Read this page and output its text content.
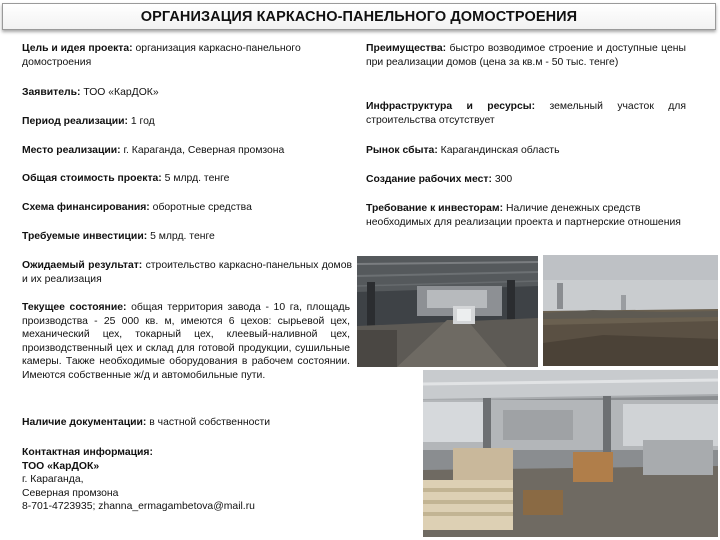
ОРГАНИЗАЦИЯ КАРКАСНО-ПАНЕЛЬНОГО ДОМОСТРОЕНИЯ
Цель и идея проекта: организация каркасно-панельного домостроения
Заявитель: ТОО «КарДОК»
Период реализации: 1 год
Место реализации: г. Караганда, Северная промзона
Общая стоимость проекта: 5 млрд. тенге
Схема финансирования: оборотные средства
Требуемые инвестиции: 5 млрд. тенге
Ожидаемый результат: строительство каркасно-панельных домов и их реализация
Текущее состояние: общая территория завода - 10 га, площадь производства - 25 000 кв. м, имеются 6 цехов: сырьевой цех, механический цех, токарный цех, клеевый-наливной цех, производственный цех и склад для готовой продукции, сушильные камеры. Также необходимые оборудования в рабочем состоянии. Имеются собственные ж/д и автомобильные пути.
Наличие документации: в частной собственности
Контактная информация:
ТОО «КарДОК»
г. Караганда,
Северная промзона
8-701-4723935; zhanna_ermagambetova@mail.ru
Преимущества: быстро возводимое строение и доступные цены при реализации домов (цена за кв.м - 50 тыс. тенге)
Инфраструктура и ресурсы: земельный участок для строительства отсутствует
Рынок сбыта: Карагандинская область
Создание рабочих мест: 300
Требование к инвесторам: Наличие денежных средств необходимых для реализации проекта и партнерские отношения
